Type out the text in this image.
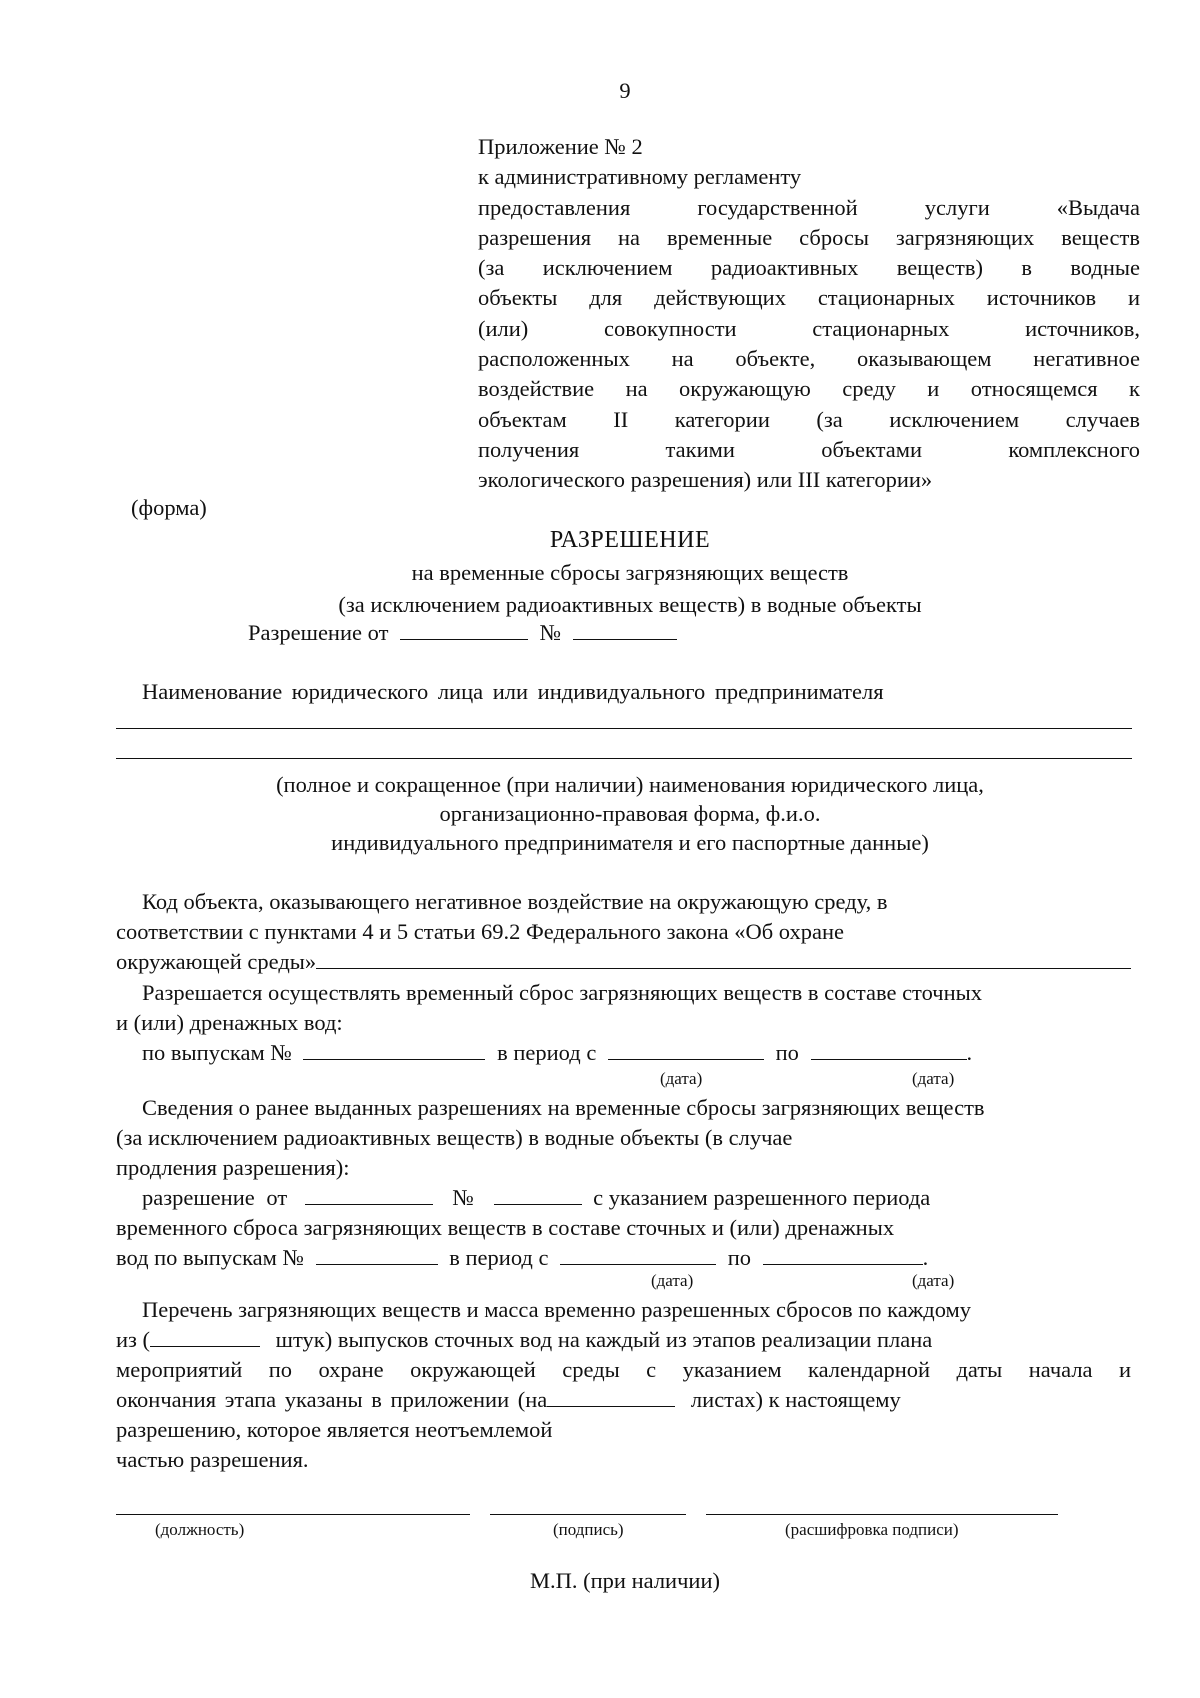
9
Приложение № 2
к административному регламенту
предоставления государственной услуги «Выдача
разрешения на временные сбросы загрязняющих веществ
(за исключением радиоактивных веществ) в водные
объекты для действующих стационарных источников и
(или) совокупности стационарных источников,
расположенных на объекте, оказывающем негативное
воздействие на окружающую среду и относящемся к
объектам II категории (за исключением случаев
получения такими объектами комплексного
экологического разрешения) или III категории»
(форма)
РАЗРЕШЕНИЕ
на временные сбросы загрязняющих веществ
(за исключением радиоактивных веществ) в водные объекты
Разрешение от	№
Наименование юридического лица или индивидуального предпринимателя
(полное и сокращенное (при наличии) наименования юридического лица,
организационно-правовая форма, ф.и.о.
индивидуального предпринимателя и его паспортные данные)
Код объекта, оказывающего негативное воздействие на окружающую среду, в
соответствии с пунктами 4 и 5 статьи 69.2 Федерального закона «Об охране
окружающей среды»
Разрешается осуществлять временный сброс загрязняющих веществ в составе сточных
и (или) дренажных вод:
по выпускам №	в период с	по	.
(дата)	(дата)
Сведения о ранее выданных разрешениях на временные сбросы загрязняющих веществ
(за исключением радиоактивных веществ) в водные объекты (в случае
продления разрешения):
разрешение от	№	с указанием разрешенного периода
временного сброса загрязняющих веществ в составе сточных и (или) дренажных
вод по выпускам №	в период с	по	.
(дата)	(дата)
Перечень загрязняющих веществ и масса временно разрешенных сбросов по каждому
из (	штук) выпусков сточных вод на каждый из этапов реализации плана
мероприятий по охране окружающей среды с указанием календарной даты начала и
окончания этапа указаны в приложении (на	листах) к настоящему
разрешению, которое является неотъемлемой
частью разрешения.
(должность)	(подпись)	(расшифровка подписи)
М.П. (при наличии)
